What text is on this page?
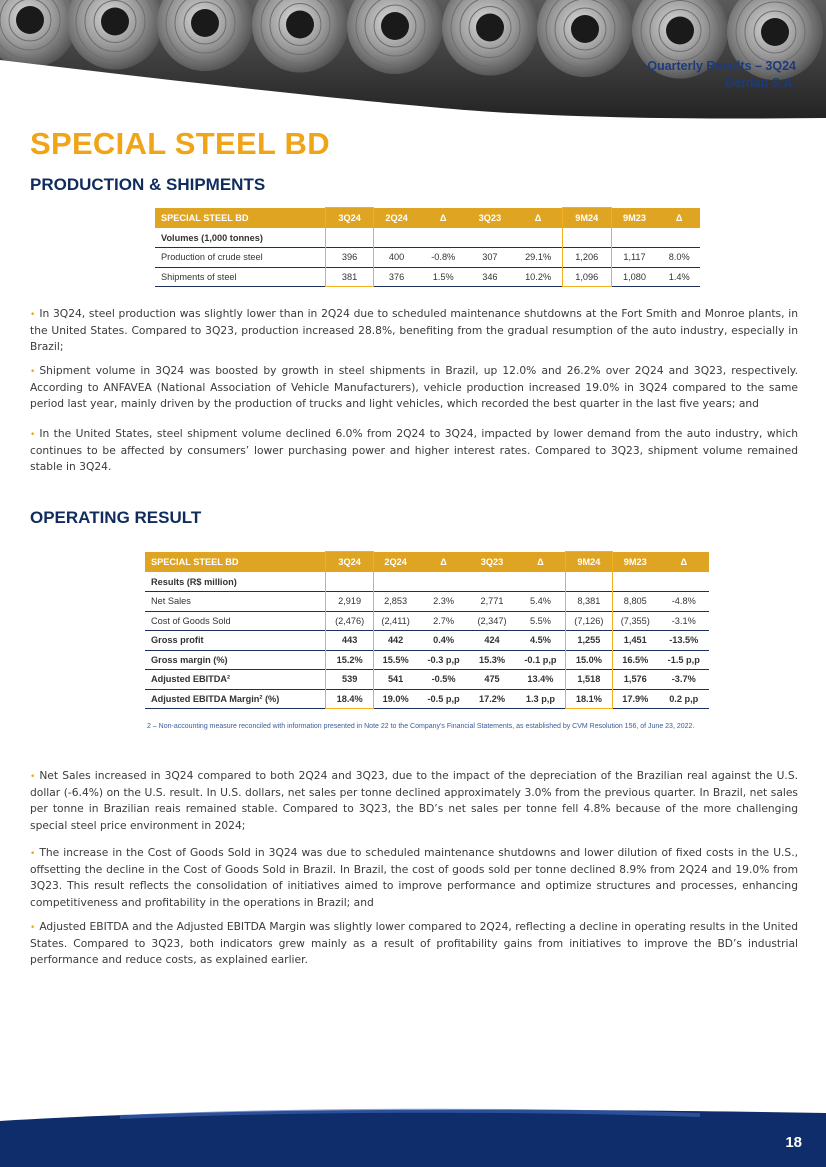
Quarterly Results – 3Q24
Gerdau S.A.
SPECIAL STEEL BD
PRODUCTION & SHIPMENTS
SPECIAL STEEL BD	3Q24	2Q24	Δ	3Q23	Δ	9M24	9M23	Δ
Volumes (1,000 tonnes)								
Production of crude steel	396	400	-0.8%	307	29.1%	1,206	1,117	8.0%
Shipments of steel	381	376	1.5%	346	10.2%	1,096	1,080	1.4%
• In 3Q24, steel production was slightly lower than in 2Q24 due to scheduled maintenance shutdowns at the Fort Smith and Monroe plants, in the United States. Compared to 3Q23, production increased 28.8%, benefiting from the gradual resumption of the auto industry, especially in Brazil;
• Shipment volume in 3Q24 was boosted by growth in steel shipments in Brazil, up 12.0% and 26.2% over 2Q24 and 3Q23, respectively. According to ANFAVEA (National Association of Vehicle Manufacturers), vehicle production increased 19.0% in 3Q24 compared to the same period last year, mainly driven by the production of trucks and light vehicles, which recorded the best quarter in the last five years; and
• In the United States, steel shipment volume declined 6.0% from 2Q24 to 3Q24, impacted by lower demand from the auto industry, which continues to be affected by consumers’ lower purchasing power and higher interest rates. Compared to 3Q23, shipment volume remained stable in 3Q24.
OPERATING RESULT
SPECIAL STEEL BD	3Q24	2Q24	Δ	3Q23	Δ	9M24	9M23	Δ
Results (R$ million)								
Net Sales	2,919	2,853	2.3%	2,771	5.4%	8,381	8,805	-4.8%
Cost of Goods Sold	(2,476)	(2,411)	2.7%	(2,347)	5.5%	(7,126)	(7,355)	-3.1%
Gross profit	443	442	0.4%	424	4.5%	1,255	1,451	-13.5%
Gross margin (%)	15.2%	15.5%	-0.3 p,p	15.3%	-0.1 p,p	15.0%	16.5%	-1.5 p,p
Adjusted EBITDA²	539	541	-0.5%	475	13.4%	1,518	1,576	-3.7%
Adjusted EBITDA Margin² (%)	18.4%	19.0%	-0.5 p,p	17.2%	1.3 p,p	18.1%	17.9%	0.2 p,p
2 – Non-accounting measure reconciled with information presented in Note 22 to the Company’s Financial Statements, as established by CVM Resolution 156, of June 23, 2022.
• Net Sales increased in 3Q24 compared to both 2Q24 and 3Q23, due to the impact of the depreciation of the Brazilian real against the U.S. dollar (-6.4%) on the U.S. result. In U.S. dollars, net sales per tonne declined approximately 3.0% from the previous quarter. In Brazil, net sales per tonne in Brazilian reais remained stable. Compared to 3Q23, the BD’s net sales per tonne fell 4.8% because of the more challenging special steel price environment in 2024;
• The increase in the Cost of Goods Sold in 3Q24 was due to scheduled maintenance shutdowns and lower dilution of fixed costs in the U.S., offsetting the decline in the Cost of Goods Sold in Brazil. In Brazil, the cost of goods sold per tonne declined 8.9% from 2Q24 and 19.0% from 3Q23. This result reflects the consolidation of initiatives aimed to improve performance and optimize structures and processes, enhancing competitiveness and profitability in the operations in Brazil; and
• Adjusted EBITDA and the Adjusted EBITDA Margin was slightly lower compared to 2Q24, reflecting a decline in operating results in the United States. Compared to 3Q23, both indicators grew mainly as a result of profitability gains from initiatives to improve the BD’s industrial performance and reduce costs, as explained earlier.
18
